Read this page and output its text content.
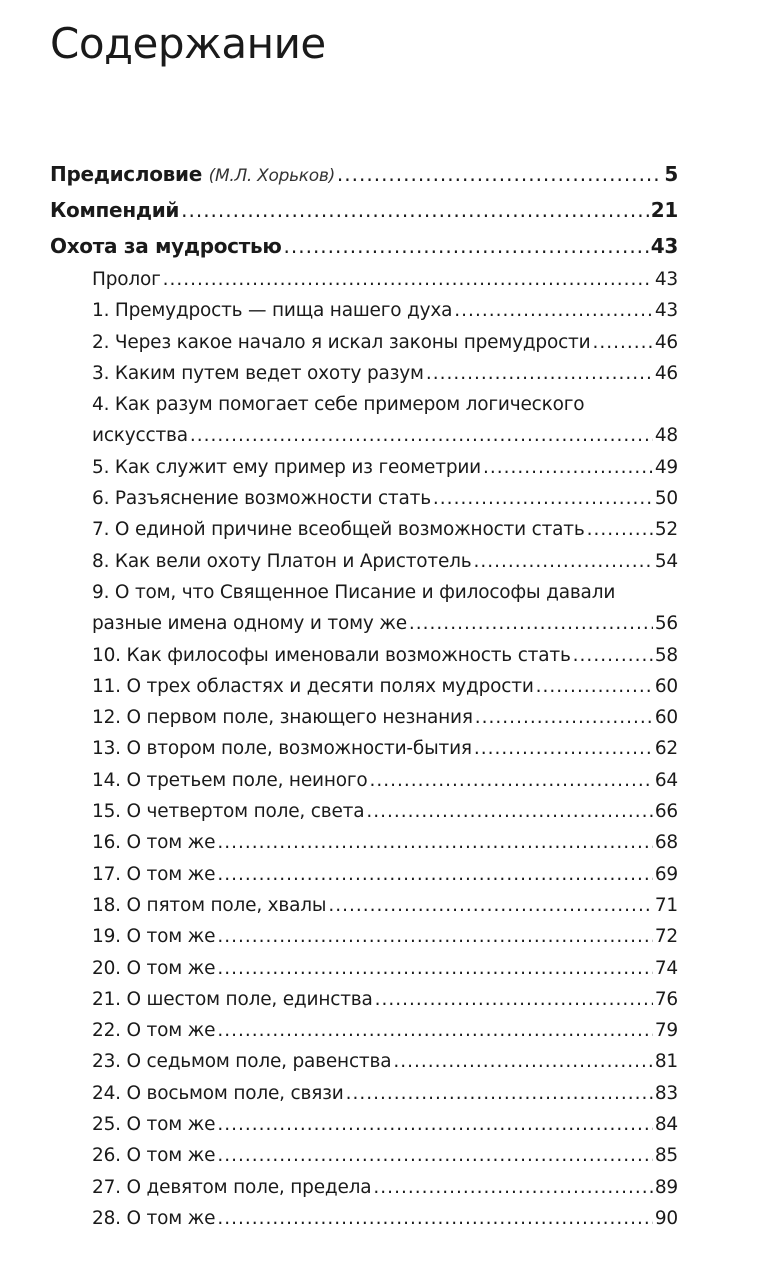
Содержание
Предисловие (М.Л. Хорьков) .....	5
Компендий .....	21
Охота за мудростью .....	43
Пролог .....	43
1. Премудрость — пища нашего духа .....	43
2. Через какое начало я искал законы премудрости .....	46
3. Каким путем ведет охоту разум .....	46
4. Как разум помогает себе примером логического
искусства .....	48
5. Как служит ему пример из геометрии .....	49
6. Разъяснение возможности стать .....	50
7. О единой причине всеобщей возможности стать .....	52
8. Как вели охоту Платон и Аристотель .....	54
9. О том, что Священное Писание и философы давали
разные имена одному и тому же .....	56
10. Как философы именовали возможность стать .....	58
11. О трех областях и десяти полях мудрости .....	60
12. О первом поле, знающего незнания .....	60
13. О втором поле, возможности-бытия .....	62
14. О третьем поле, неиного .....	64
15. О четвертом поле, света .....	66
16. О том же .....	68
17. О том же .....	69
18. О пятом поле, хвалы .....	71
19. О том же .....	72
20. О том же .....	74
21. О шестом поле, единства .....	76
22. О том же .....	79
23. О седьмом поле, равенства .....	81
24. О восьмом поле, связи .....	83
25. О том же .....	84
26. О том же .....	85
27. О девятом поле, предела .....	89
28. О том же .....	90
